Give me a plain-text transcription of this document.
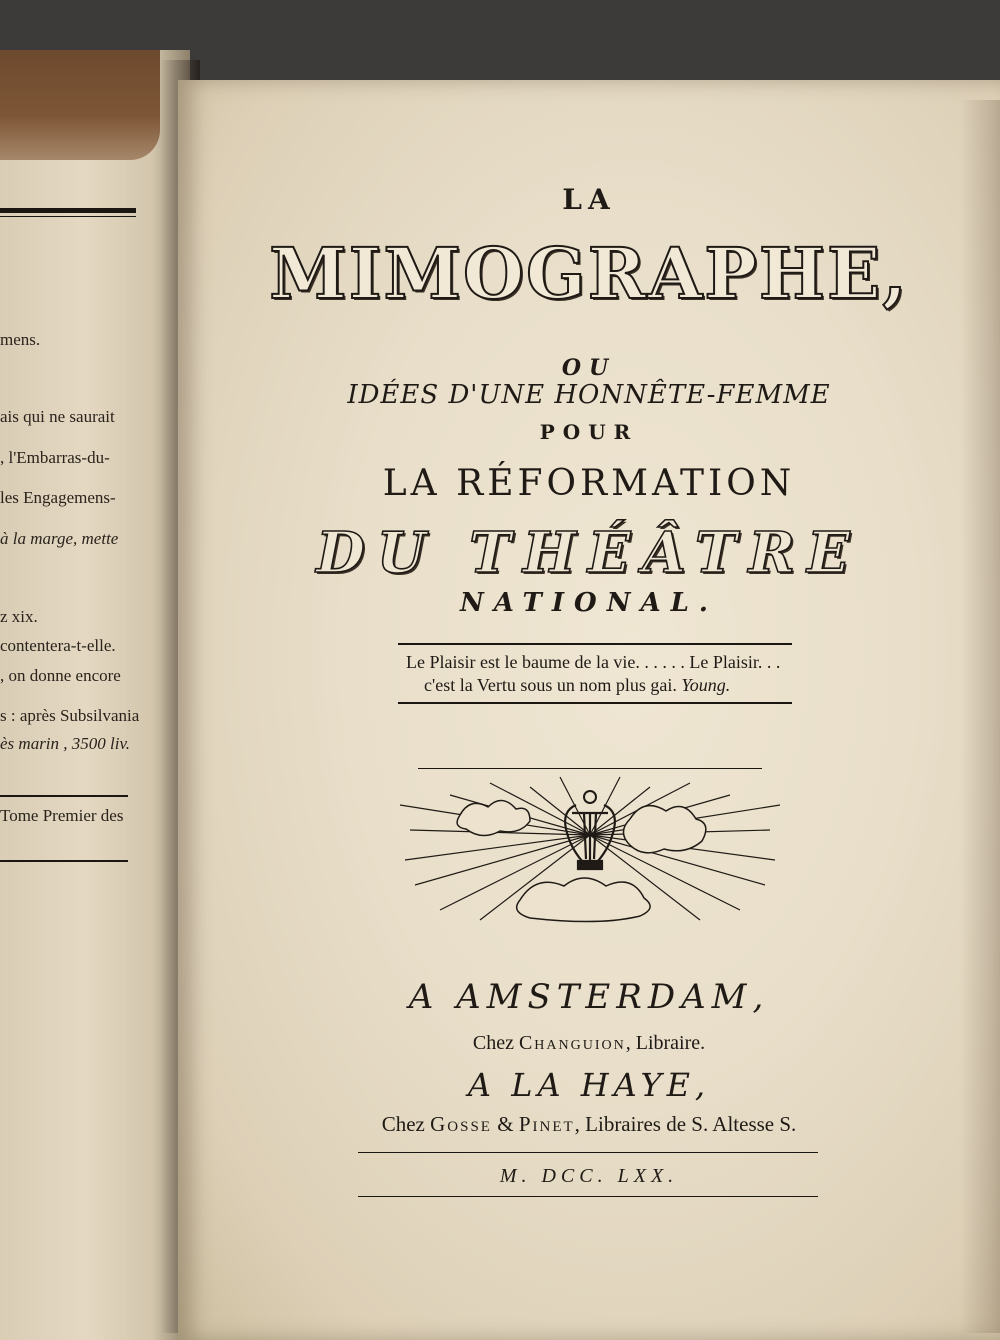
mens.
ais qui ne saurait
, l'Embarras-du-
les Engagemens-
à la marge, mette
z xix.
contentera-t-elle.
, on donne encore
s : après Subsilvania
ès marin , 3500 liv.
Tome Premier des
LA
MIMOGRAPHE,
OU
IDÉES D'UNE HONNÊTE-FEMME
POUR
LA RÉFORMATION
DU THÉÂTRE
NATIONAL.
Le Plaisir est le baume de la vie. . . . . . Le Plaisir. . .
c'est la Vertu sous un nom plus gai. Young.
A AMSTERDAM,
Chez Changuion, Libraire.
A LA HAYE,
Chez Gosse & Pinet, Libraires de S. Altesse S.
M. DCC. LXX.
